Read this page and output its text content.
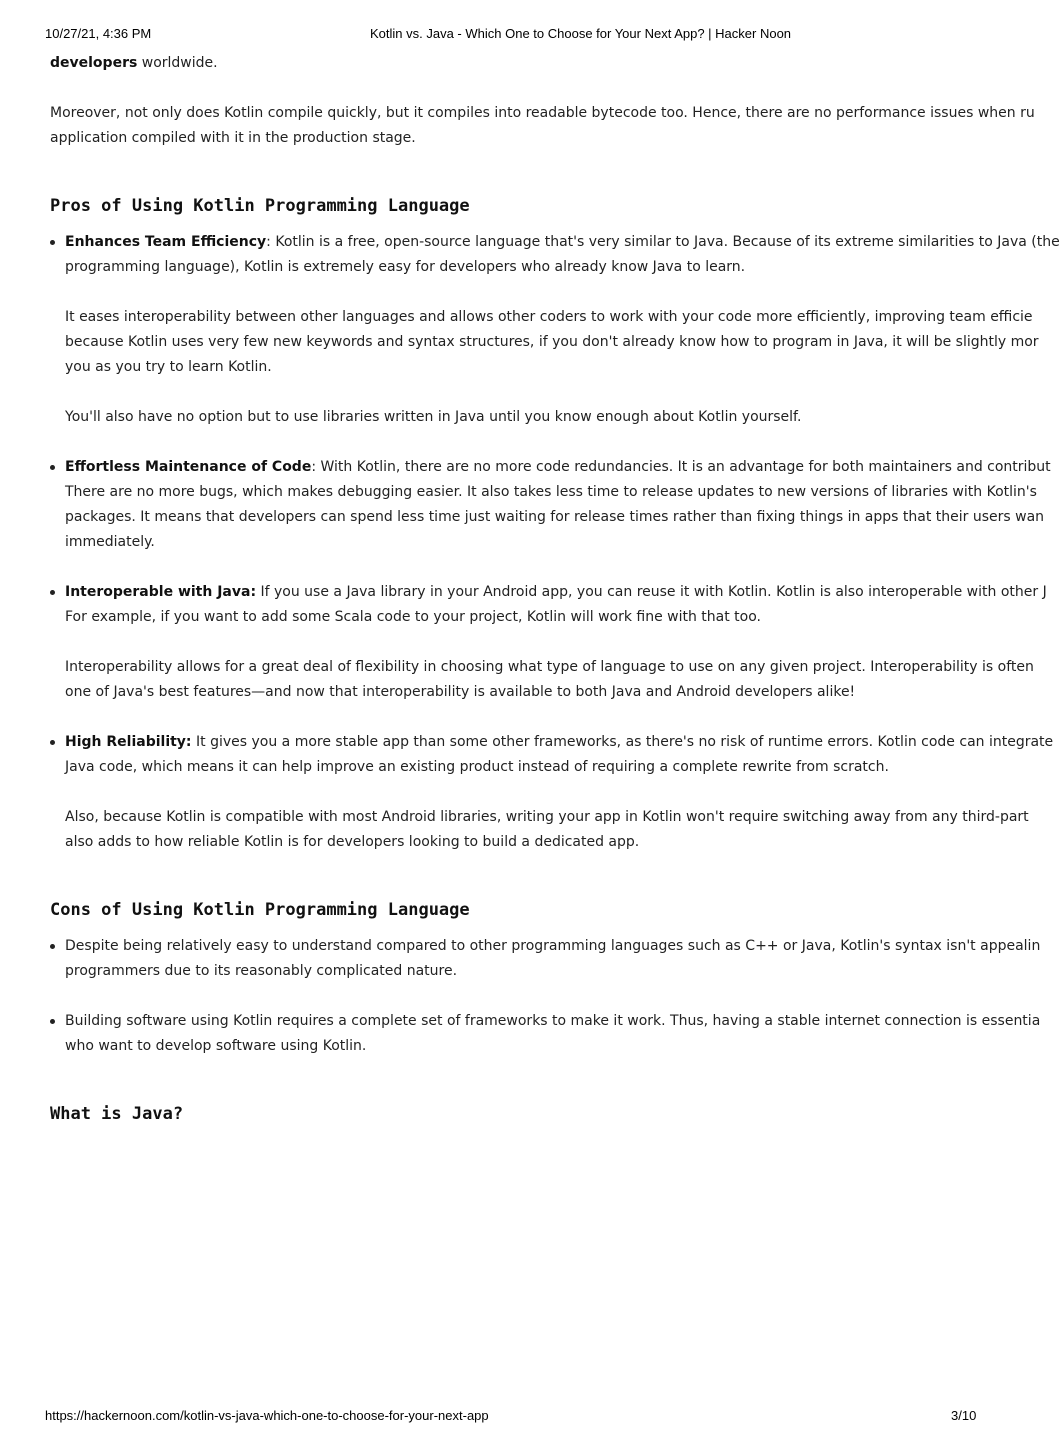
10/27/21, 4:36 PM	Kotlin vs. Java - Which One to Choose for Your Next App? | Hacker Noon

developers worldwide.

Moreover, not only does Kotlin compile quickly, but it compiles into readable bytecode too. Hence, there are no performance issues when ru

application compiled with it in the production stage.

Pros of Using Kotlin Programming Language

Enhances Team Efficiency: Kotlin is a free, open-source language that's very similar to Java. Because of its extreme similarities to Java (the

programming language), Kotlin is extremely easy for developers who already know Java to learn.

It eases interoperability between other languages and allows other coders to work with your code more efficiently, improving team efficie

because Kotlin uses very few new keywords and syntax structures, if you don't already know how to program in Java, it will be slightly mor

you as you try to learn Kotlin.

You'll also have no option but to use libraries written in Java until you know enough about Kotlin yourself.

Effortless Maintenance of Code: With Kotlin, there are no more code redundancies. It is an advantage for both maintainers and contribut

There are no more bugs, which makes debugging easier. It also takes less time to release updates to new versions of libraries with Kotlin's

packages. It means that developers can spend less time just waiting for release times rather than fixing things in apps that their users wan

immediately.

Interoperable with Java: If you use a Java library in your Android app, you can reuse it with Kotlin. Kotlin is also interoperable with other J

For example, if you want to add some Scala code to your project, Kotlin will work fine with that too.

Interoperability allows for a great deal of flexibility in choosing what type of language to use on any given project. Interoperability is often

one of Java's best features—and now that interoperability is available to both Java and Android developers alike!

High Reliability: It gives you a more stable app than some other frameworks, as there's no risk of runtime errors. Kotlin code can integrate

Java code, which means it can help improve an existing product instead of requiring a complete rewrite from scratch.

Also, because Kotlin is compatible with most Android libraries, writing your app in Kotlin won't require switching away from any third-part

also adds to how reliable Kotlin is for developers looking to build a dedicated app.

Cons of Using Kotlin Programming Language

Despite being relatively easy to understand compared to other programming languages such as C++ or Java, Kotlin's syntax isn't appealin

programmers due to its reasonably complicated nature.

Building software using Kotlin requires a complete set of frameworks to make it work. Thus, having a stable internet connection is essentia

who want to develop software using Kotlin.

What is Java?
https://hackernoon.com/kotlin-vs-java-which-one-to-choose-for-your-next-app	3/10
